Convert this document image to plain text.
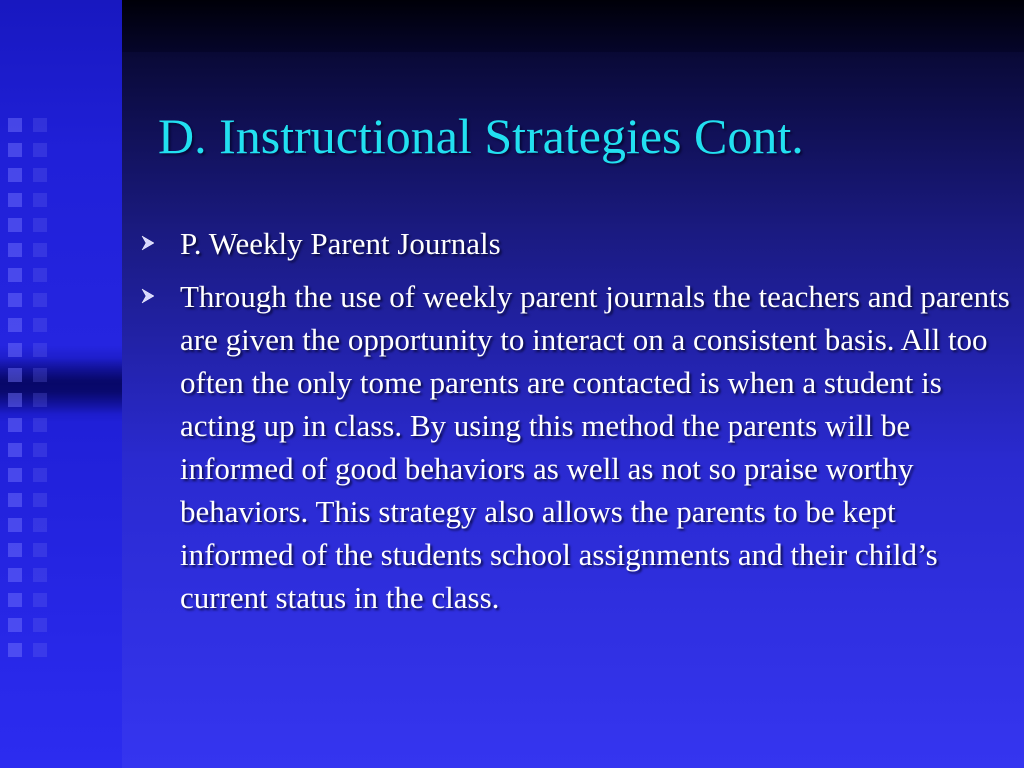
D. Instructional Strategies Cont.
P. Weekly Parent Journals
Through the use of weekly parent journals the teachers and parents are given the opportunity to interact on a consistent basis. All too often the only tome parents are contacted is when a student is acting up in class. By using this method the parents will be informed of good behaviors as well as not so praise worthy behaviors. This strategy also allows the parents to be kept informed of the students school assignments and their child’s current status in the class.
